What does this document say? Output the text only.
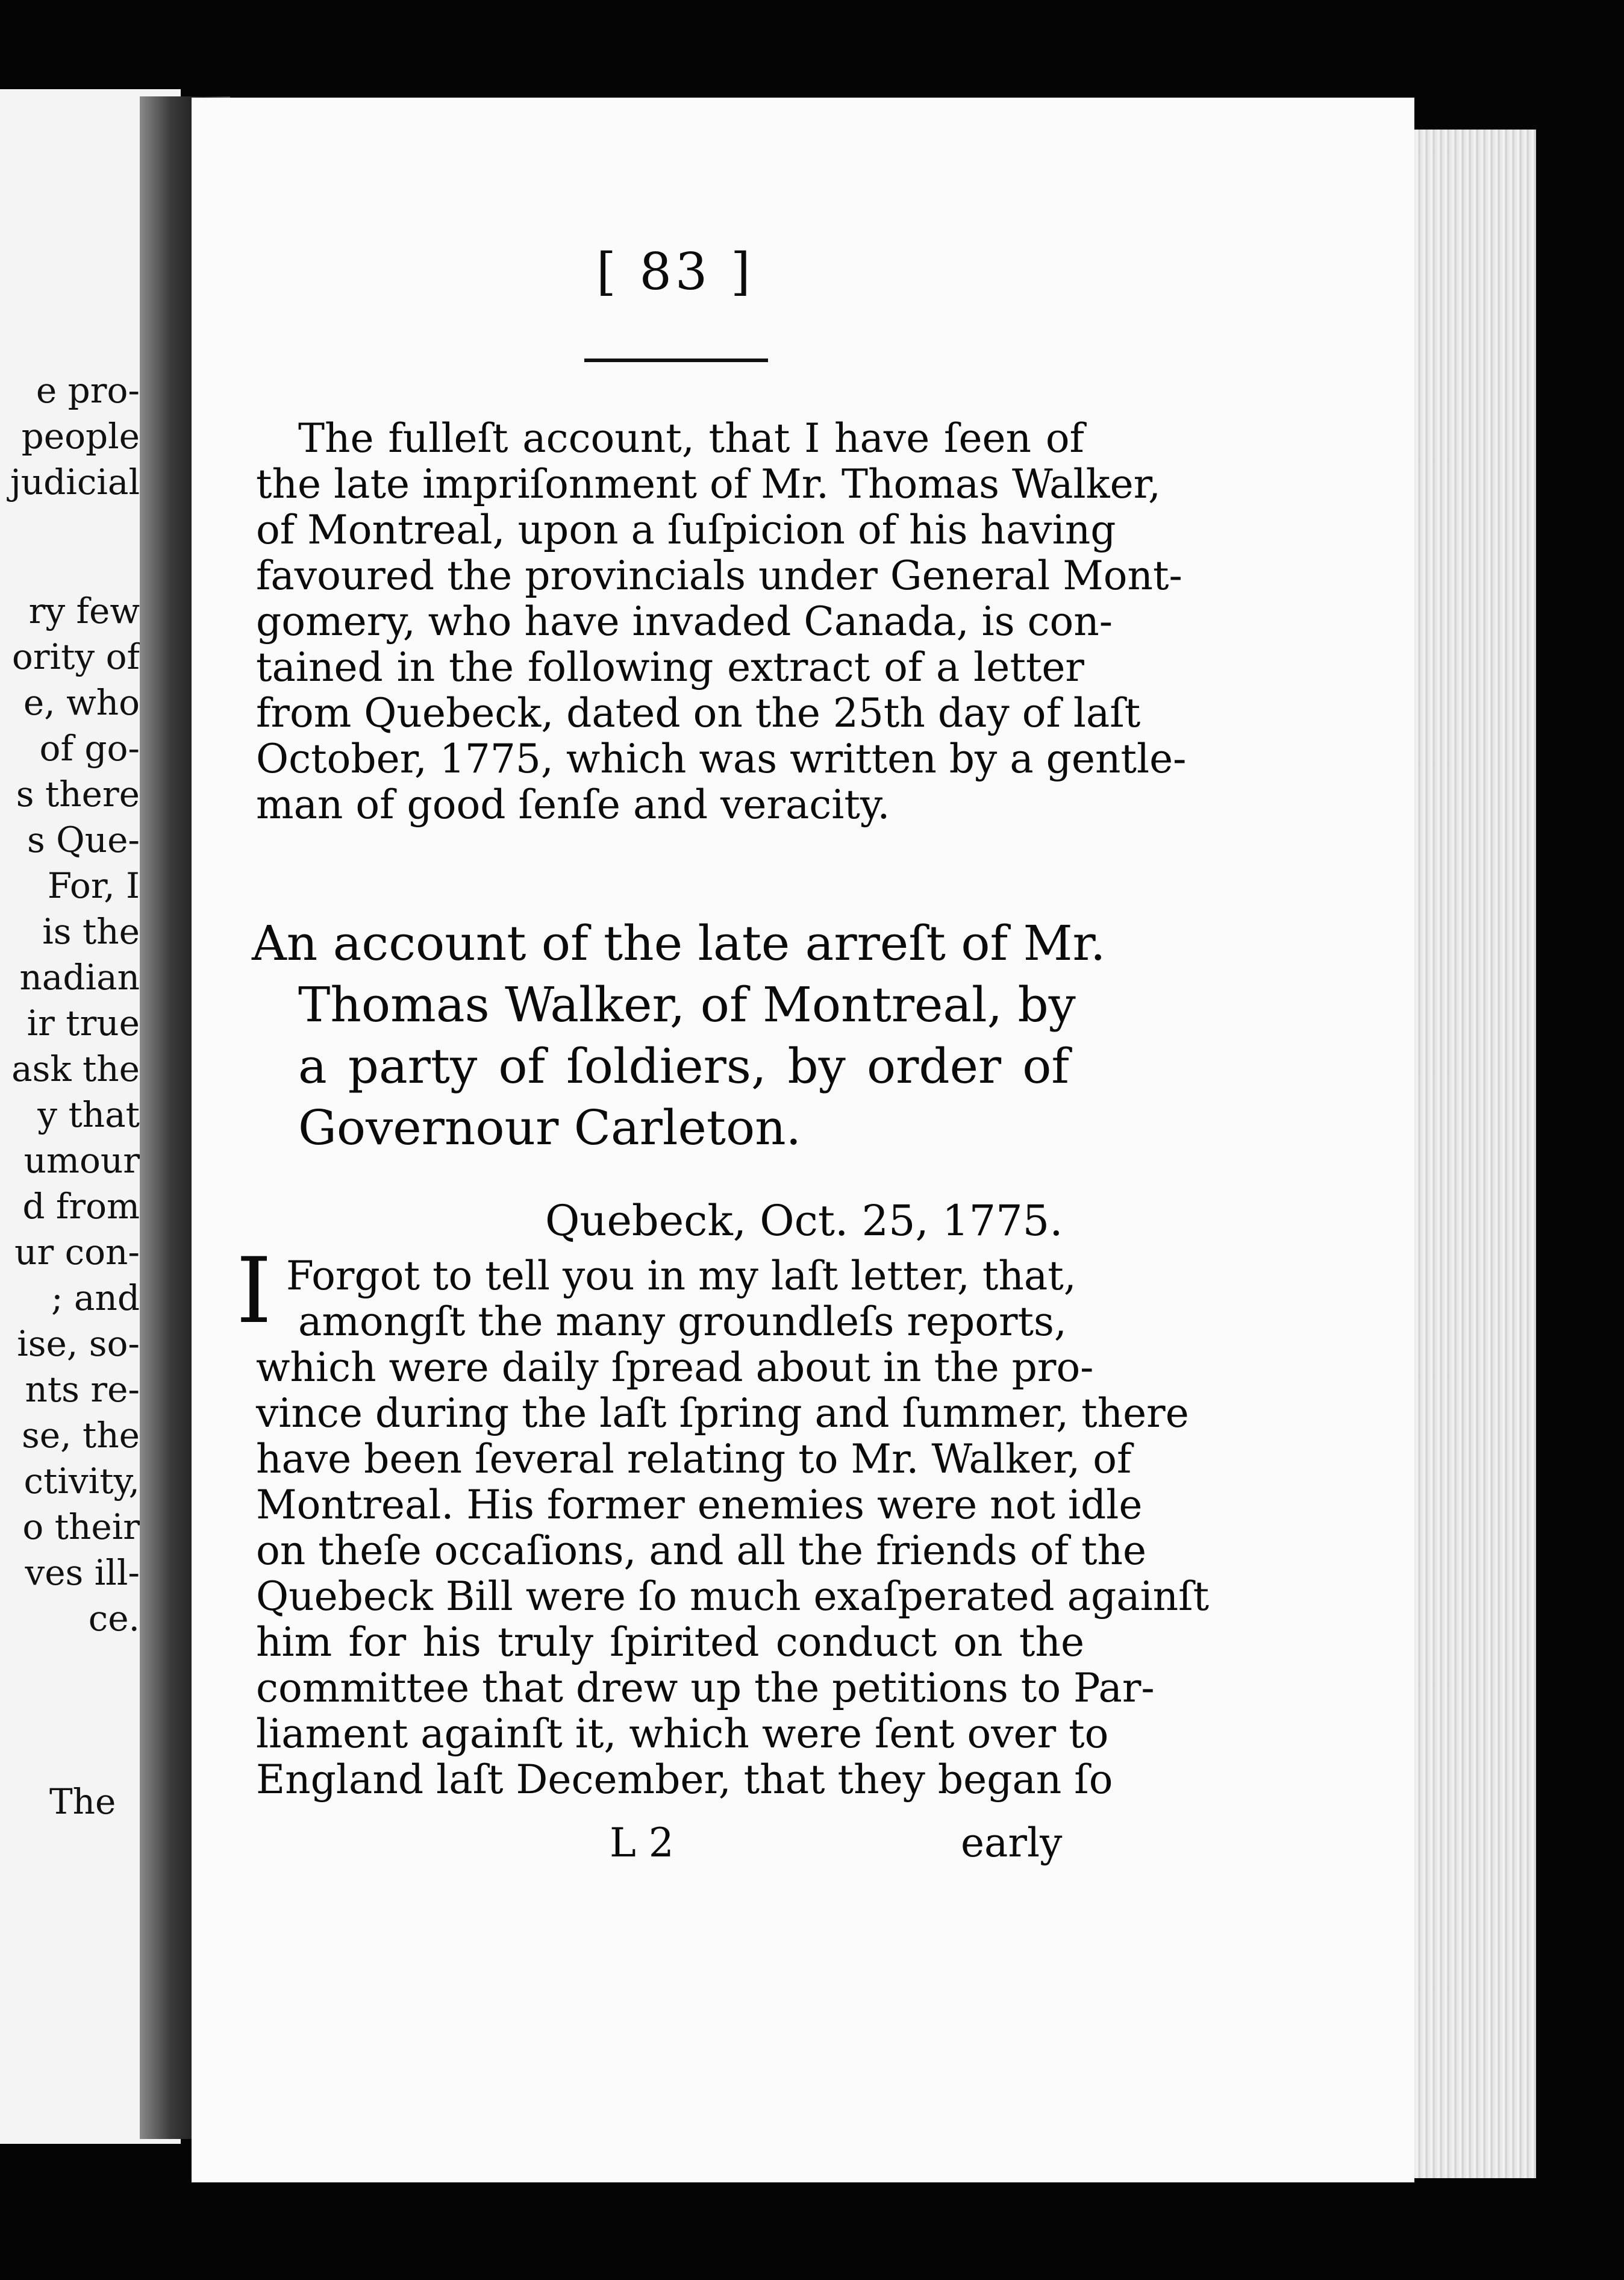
e pro-
people
judicial
ry few
ority of
e, who
of go-
s there
s Que-
For, I
is the
nadian
ir true
ask the
y that
umour
d from
ur con-
; and
ise, so-
nts re-
se, the
ctivity,
o their
ves ill-
ce.
The
[ 83 ]
The fulleſt account, that I have ſeen of
the late impriſonment of Mr. Thomas Walker,
of Montreal, upon a ſuſpicion of his having
favoured the provincials under General Mont-
gomery, who have invaded Canada, is con-
tained in the following extract of a letter
from Quebeck, dated on the 25th day of laſt
October, 1775, which was written by a gentle-
man of good ſenſe and veracity.
An account of the late arreſt of Mr.
Thomas Walker, of Montreal, by
a party of ſoldiers, by order of
Governour Carleton.
Quebeck, Oct. 25, 1775.
I Forgot to tell you in my laſt letter, that,
amongſt the many groundleſs reports,
which were daily ſpread about in the pro-
vince during the laſt ſpring and ſummer, there
have been ſeveral relating to Mr. Walker, of
Montreal. His former enemies were not idle
on theſe occaſions, and all the friends of the
Quebeck Bill were ſo much exaſperated againſt
him for his truly ſpirited conduct on the
committee that drew up the petitions to Par-
liament againſt it, which were ſent over to
England laſt December, that they began ſo
L 2	early
